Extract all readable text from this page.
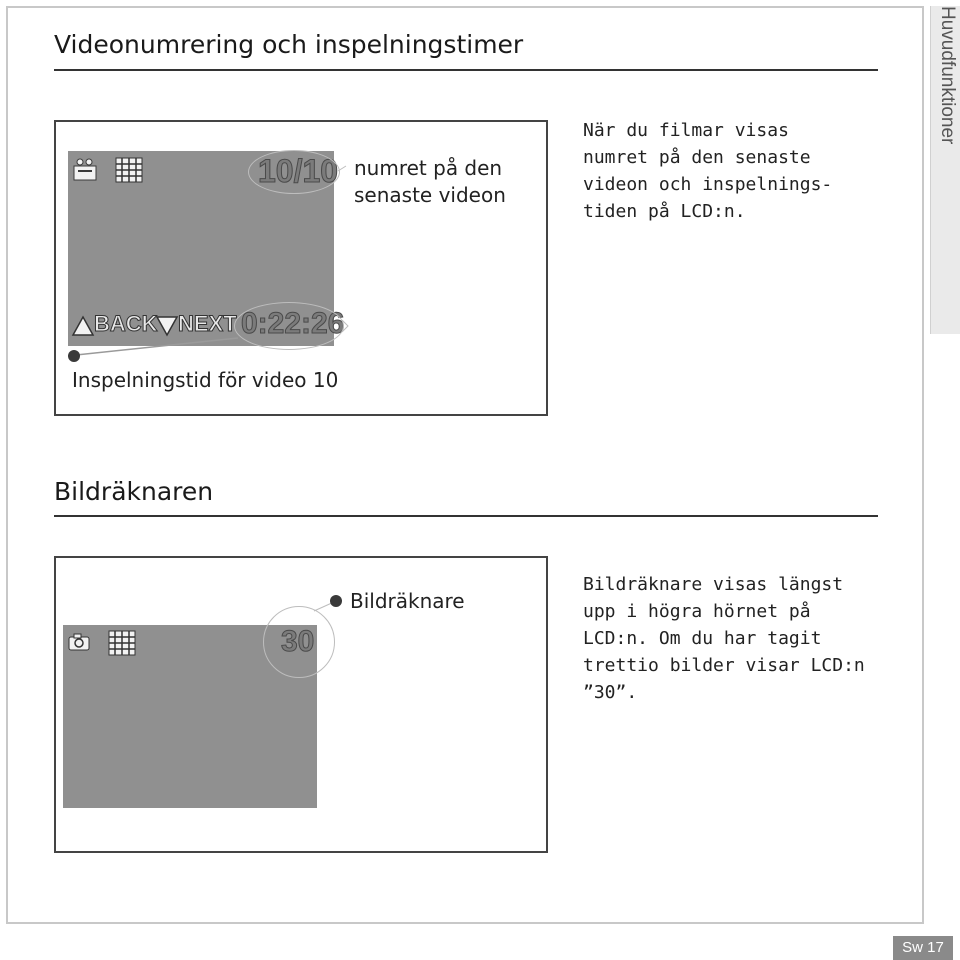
Huvudfunktioner
Videonumrering och inspelningstimer
10/10 numret på den
senaste videon
BACK NEXT 0:22:26
Inspelningstid för video 10
När du filmar visas
numret på den senaste
videon och inspelnings-
tiden på LCD:n.
Bildräknaren
30
Bildräknare
Bildräknare visas längst
upp i högra hörnet på
LCD:n. Om du har tagit
trettio bilder visar LCD:n
”30”.
Sw 17
